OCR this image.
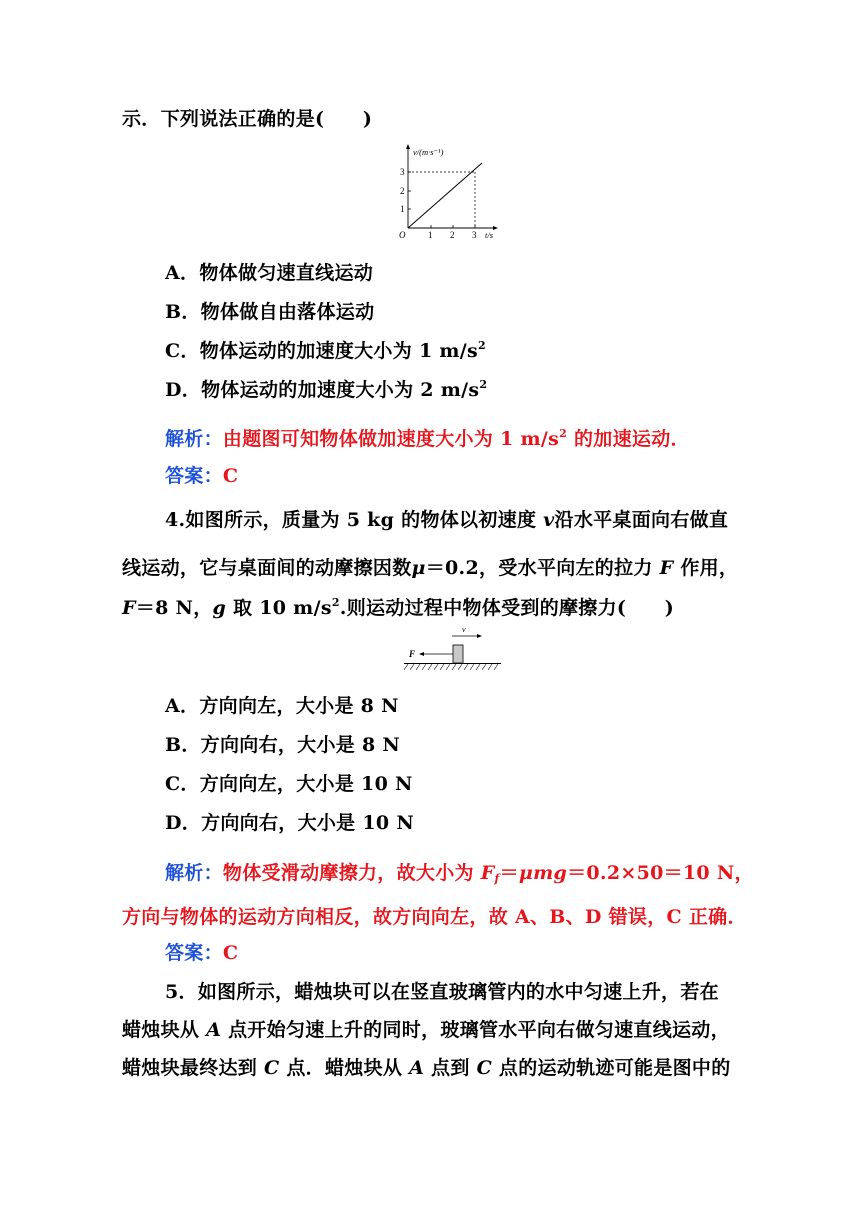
示．下列说法正确的是(　　)
v/(m·s⁻¹)
t/s
O	1 2 3
1
2
3
A．物体做匀速直线运动
B．物体做自由落体运动
C．物体运动的加速度大小为 1 $m/s^2$
D．物体运动的加速度大小为 2 $m/s^2$
解析：由题图可知物体做加速度大小为 1 $m/s^2$ 的加速运动．
答案：C
4.如图所示，质量为 5 kg 的物体以初速度 v沿水平桌面向右做直
线运动，它与桌面间的动摩擦因数μ＝0.2，受水平向左的拉力 F 作用，
F＝8 N，g 取 10 $m/s^2$.则运动过程中物体受到的摩擦力(　　)
v
F
A．方向向左，大小是 8 N
B．方向向右，大小是 8 N
C．方向向左，大小是 10 N
D．方向向右，大小是 10 N
解析：物体受滑动摩擦力，故大小为 $F_f=\mu mg=0.2\times 50=10$ N，
方向与物体的运动方向相反，故方向向左，故 A、B、D 错误，C 正确．
答案：C
5．如图所示，蜡烛块可以在竖直玻璃管内的水中匀速上升，若在
蜡烛块从 A 点开始匀速上升的同时，玻璃管水平向右做匀速直线运动，
蜡烛块最终达到 C 点．蜡烛块从 A 点到 C 点的运动轨迹可能是图中的
